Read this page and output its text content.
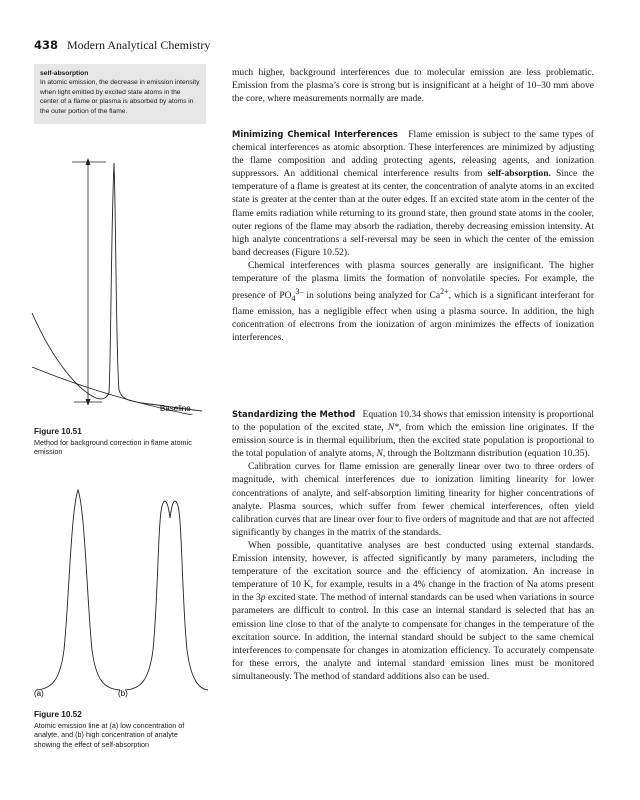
438 Modern Analytical Chemistry
self-absorption
In atomic emission, the decrease in emission intensity when light emitted by excited state atoms in the center of a flame or plasma is absorbed by atoms in the outer portion of the flame.
Baseline
Figure 10.51
Method for background correction in flame atomic emission
(a)	(b)
Figure 10.52
Atomic emission line at (a) low concentration of analyte, and (b) high concentration of analyte showing the effect of self-absorption

much higher, background interferences due to molecular emission are less problematic. Emission from the plasma’s core is strong but is insignificant at a height of 10–30 mm above the core, where measurements normally are made.

Minimizing Chemical Interferences Flame emission is subject to the same types of chemical interferences as atomic absorption. These interferences are minimized by adjusting the flame composition and adding protecting agents, releasing agents, and ionization suppressors. An additional chemical interference results from self-absorption. Since the temperature of a flame is greatest at its center, the concentration of analyte atoms in an excited state is greater at the center than at the outer edges. If an excited state atom in the center of the flame emits radiation while returning to its ground state, then ground state atoms in the cooler, outer regions of the flame may absorb the radiation, thereby decreasing emission intensity. At high analyte concentrations a self-reversal may be seen in which the center of the emission band decreases (Figure 10.52).

Chemical interferences with plasma sources generally are insignificant. The higher temperature of the plasma limits the formation of nonvolatile species. For example, the presence of $PO_4^{3-}$ in solutions being analyzed for $Ca^{2+}$, which is a significant interferant for flame emission, has a negligible effect when using a plasma source. In addition, the high concentration of electrons from the ionization of argon minimizes the effects of ionization interferences.

Standardizing the Method Equation 10.34 shows that emission intensity is proportional to the population of the excited state, N*, from which the emission line originates. If the emission source is in thermal equilibrium, then the excited state population is proportional to the total population of analyte atoms, N, through the Boltzmann distribution (equation 10.35).

Calibration curves for flame emission are generally linear over two to three orders of magnitude, with chemical interferences due to ionization limiting linearity for lower concentrations of analyte, and self-absorption limiting linearity for higher concentrations of analyte. Plasma sources, which suffer from fewer chemical interferences, often yield calibration curves that are linear over four to five orders of magnitude and that are not affected significantly by changes in the matrix of the standards.

When possible, quantitative analyses are best conducted using external standards. Emission intensity, however, is affected significantly by many parameters, including the temperature of the excitation source and the efficiency of atomization. An increase in temperature of 10 K, for example, results in a 4% change in the fraction of Na atoms present in the 3p excited state. The method of internal standards can be used when variations in source parameters are difficult to control. In this case an internal standard is selected that has an emission line close to that of the analyte to compensate for changes in the temperature of the excitation source. In addition, the internal standard should be subject to the same chemical interferences to compensate for changes in atomization efficiency. To accurately compensate for these errors, the analyte and internal standard emission lines must be monitored simultaneously. The method of standard additions also can be used.
